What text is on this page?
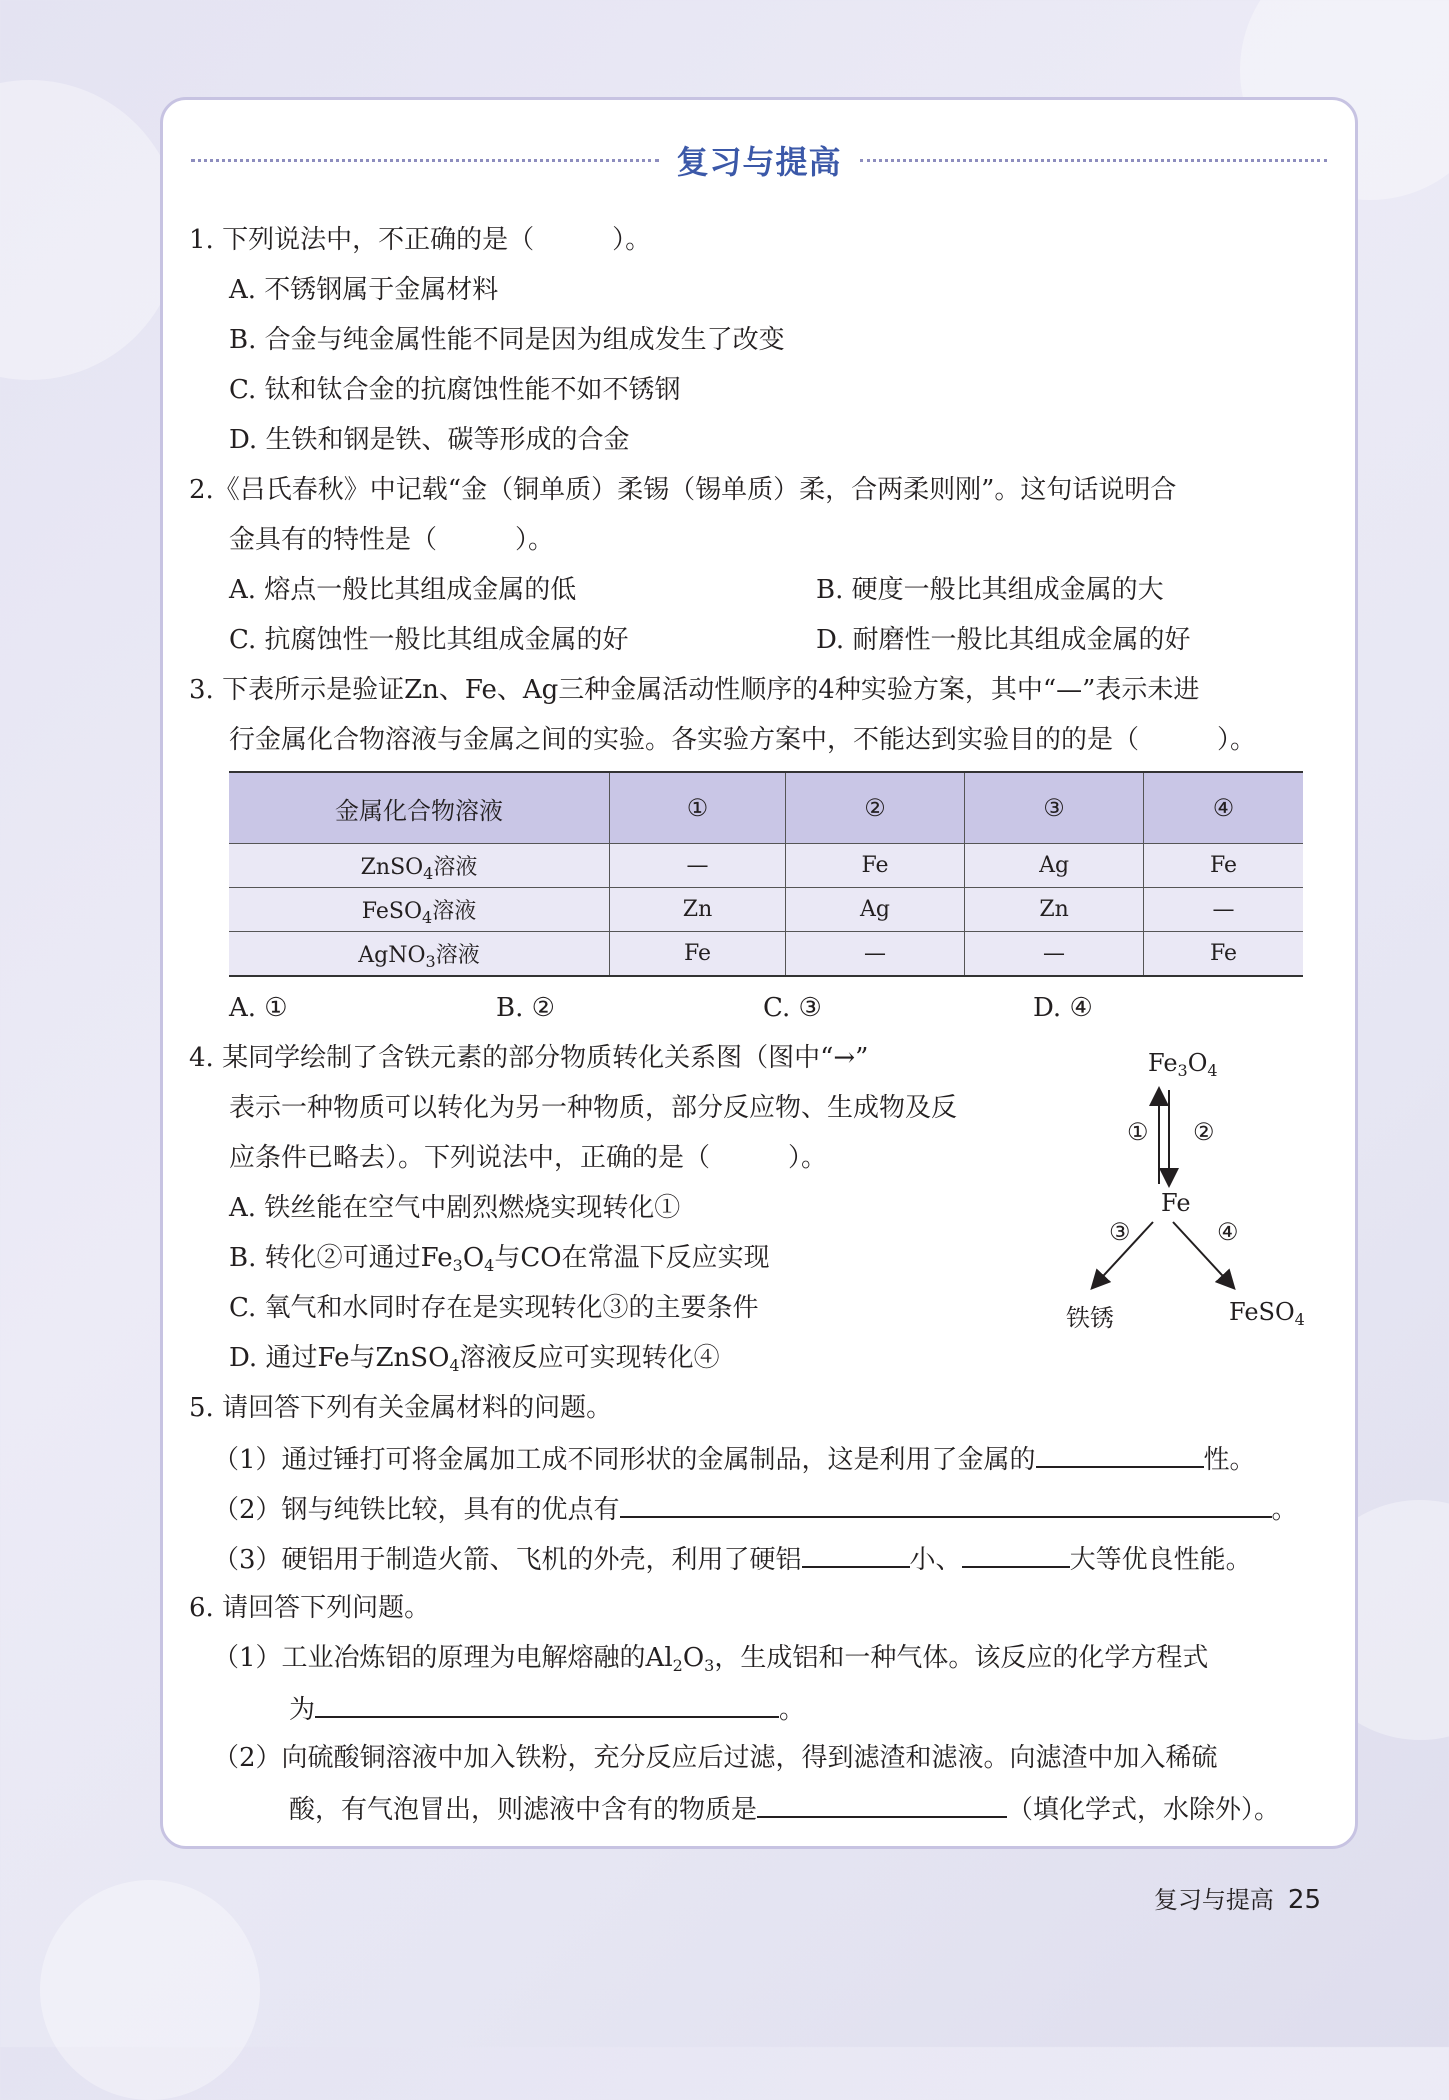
复习与提高
1. 下列说法中，不正确的是（　　　）。
A. 不锈钢属于金属材料
B. 合金与纯金属性能不同是因为组成发生了改变
C. 钛和钛合金的抗腐蚀性能不如不锈钢
D. 生铁和钢是铁、碳等形成的合金
2.《吕氏春秋》中记载“金（铜单质）柔锡（锡单质）柔，合两柔则刚”。这句话说明合
金具有的特性是（　　　）。
A. 熔点一般比其组成金属的低	B. 硬度一般比其组成金属的大
C. 抗腐蚀性一般比其组成金属的好	D. 耐磨性一般比其组成金属的好
3. 下表所示是验证Zn、Fe、Ag三种金属活动性顺序的4种实验方案，其中“—”表示未进
行金属化合物溶液与金属之间的实验。各实验方案中，不能达到实验目的的是（　　　）。
金属化合物溶液	①	②	③	④
ZnSO$_4$溶液	—	Fe	Ag	Fe
FeSO$_4$溶液	Zn	Ag	Zn	—
AgNO$_3$溶液	Fe	—	—	Fe
A. ①	B. ②	C. ③	D. ④
4. 某同学绘制了含铁元素的部分物质转化关系图（图中“→”
表示一种物质可以转化为另一种物质，部分反应物、生成物及反
应条件已略去）。下列说法中，正确的是（　　　）。
A. 铁丝能在空气中剧烈燃烧实现转化①
B. 转化②可通过$Fe_3O_4$与CO在常温下反应实现
C. 氧气和水同时存在是实现转化③的主要条件
D. 通过Fe与ZnSO$_4$溶液反应可实现转化④
$Fe_3O_4$
① ②
Fe
③	④
铁锈	FeSO$_4$
5. 请回答下列有关金属材料的问题。
（1）通过锤打可将金属加工成不同形状的金属制品，这是利用了金属的	性。
（2）钢与纯铁比较，具有的优点有	。
（3）硬铝用于制造火箭、飞机的外壳，利用了硬铝	小、	大等优良性能。
6. 请回答下列问题。
（1）工业冶炼铝的原理为电解熔融的$Al_2O_3$，生成铝和一种气体。该反应的化学方程式
为	。
（2）向硫酸铜溶液中加入铁粉，充分反应后过滤，得到滤渣和滤液。向滤渣中加入稀硫
酸，有气泡冒出，则滤液中含有的物质是	（填化学式，水除外）。
复习与提高 25
